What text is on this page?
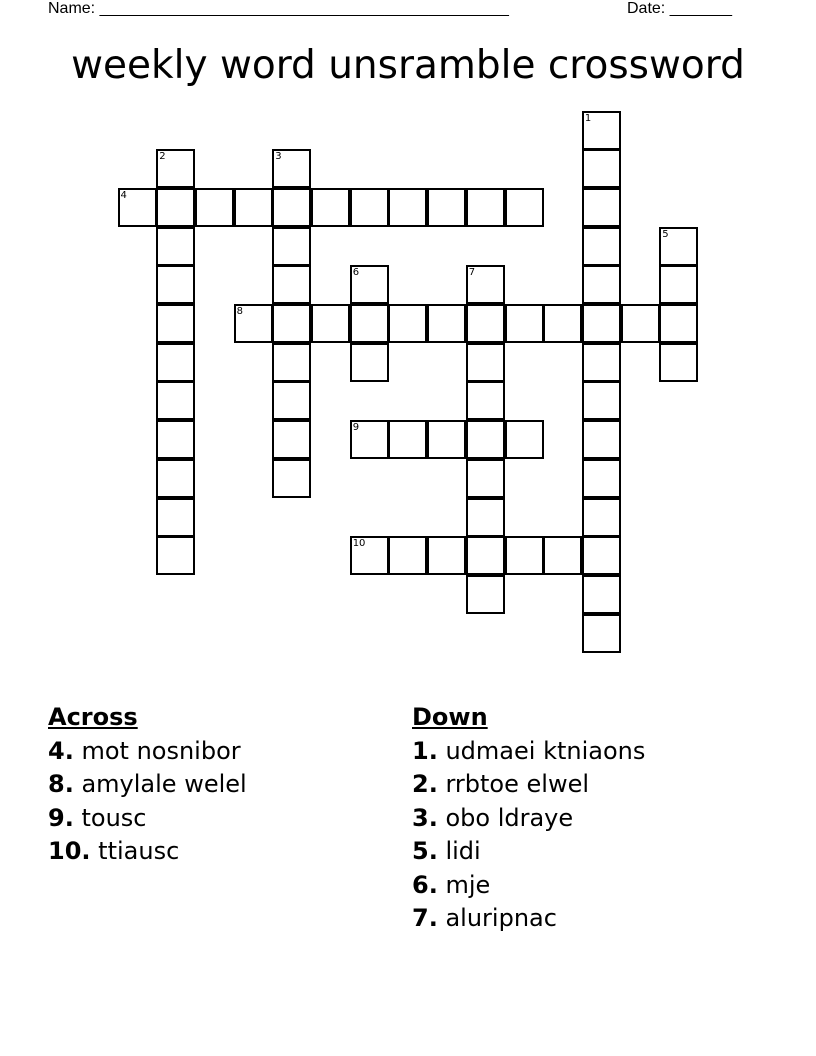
Name: ______________________________________________	Date: _______
weekly word unsramble crossword
1
2	3
4
5
6	7
8
9
10
Across
4. mot nosnibor
8. amylale welel
9. tousc
10. ttiausc
Down
1. udmaei ktniaons
2. rrbtoe elwel
3. obo ldraye
5. lidi
6. mje
7. aluripnac
